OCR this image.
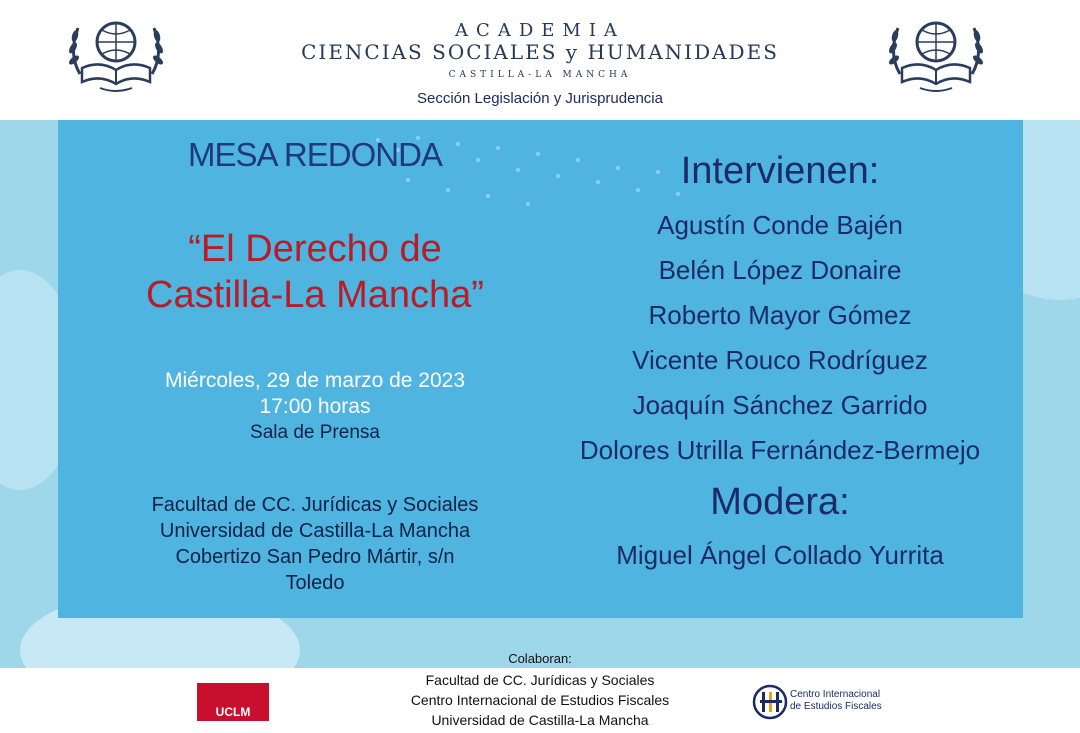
ACADEMIA
CIENCIAS SOCIALES y HUMANIDADES
CASTILLA-LA MANCHA
Sección Legislación y Jurisprudencia
MESA REDONDA
“El Derecho de
Castilla-La Mancha”
Miércoles, 29 de marzo de 2023
17:00 horas
Sala de Prensa
Facultad de CC. Jurídicas y Sociales
Universidad de Castilla-La Mancha
Cobertizo San Pedro Mártir, s/n
Toledo
Intervienen:
Agustín Conde Bajén
Belén López Donaire
Roberto Mayor Gómez
Vicente Rouco Rodríguez
Joaquín Sánchez Garrido
Dolores Utrilla Fernández-Bermejo
Modera:
Miguel Ángel Collado Yurrita
Colaboran:
Facultad de CC. Jurídicas y Sociales
Centro Internacional de Estudios Fiscales
Universidad de Castilla-La Mancha
UCLM
Centro Internacional
de Estudios Fiscales
